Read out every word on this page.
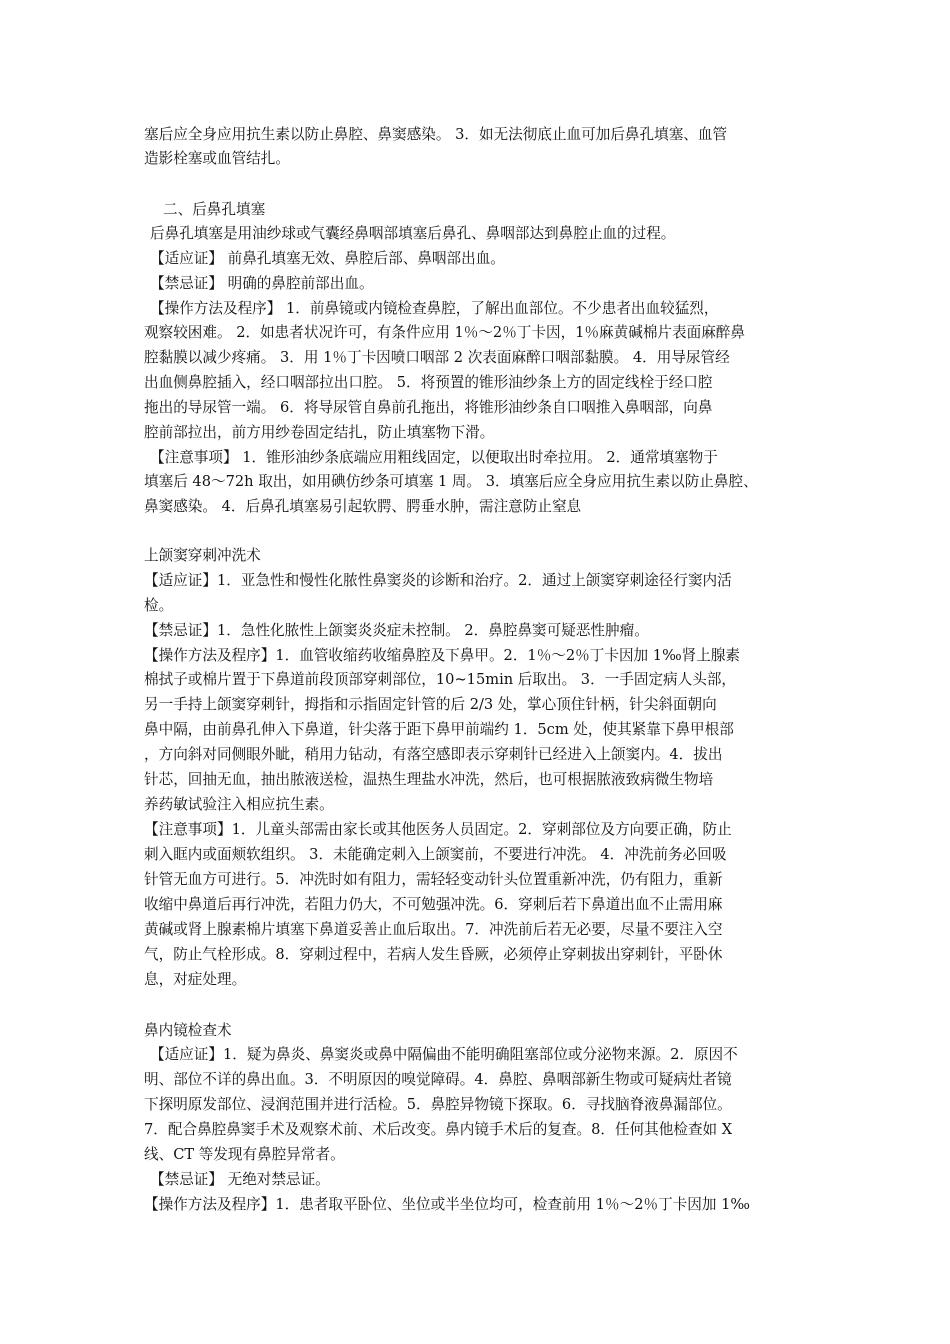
塞后应全身应用抗生素以防止鼻腔、鼻窦感染。 3．如无法彻底止血可加后鼻孔填塞、血管
造影栓塞或血管结扎。
二、后鼻孔填塞
后鼻孔填塞是用油纱球或气囊经鼻咽部填塞后鼻孔、鼻咽部达到鼻腔止血的过程。
【适应证】 前鼻孔填塞无效、鼻腔后部、鼻咽部出血。
【禁忌证】 明确的鼻腔前部出血。
【操作方法及程序】 1．前鼻镜或内镜检查鼻腔，了解出血部位。不少患者出血较猛烈，
观察较困难。 2．如患者状况许可，有条件应用 1％～2％丁卡因，1％麻黄碱棉片表面麻醉鼻
腔黏膜以减少疼痛。 3．用 1％丁卡因喷口咽部 2 次表面麻醉口咽部黏膜。 4．用导尿管经
出血侧鼻腔插入，经口咽部拉出口腔。 5．将预置的锥形油纱条上方的固定线栓于经口腔
拖出的导尿管一端。 6．将导尿管自鼻前孔拖出，将锥形油纱条自口咽推入鼻咽部，向鼻
腔前部拉出，前方用纱卷固定结扎，防止填塞物下滑。
【注意事项】 1．锥形油纱条底端应用粗线固定，以便取出时牵拉用。 2．通常填塞物于
填塞后 48～72h 取出，如用碘仿纱条可填塞 1 周。 3．填塞后应全身应用抗生素以防止鼻腔、
鼻窦感染。 4．后鼻孔填塞易引起软腭、腭垂水肿，需注意防止窒息
上颌窦穿刺冲洗术
【适应证】1．亚急性和慢性化脓性鼻窦炎的诊断和治疗。2．通过上颌窦穿刺途径行窦内活
检。
【禁忌证】1．急性化脓性上颌窦炎炎症未控制。 2．鼻腔鼻窦可疑恶性肿瘤。
【操作方法及程序】1．血管收缩药收缩鼻腔及下鼻甲。2．1％～2％丁卡因加 1‰肾上腺素
棉拭子或棉片置于下鼻道前段顶部穿刺部位，10~15min 后取出。 3．一手固定病人头部，
另一手持上颌窦穿刺针，拇指和示指固定针管的后 2/3 处，掌心顶住针柄，针尖斜面朝向
鼻中隔，由前鼻孔伸入下鼻道，针尖落于距下鼻甲前端约 1．5cm 处，使其紧靠下鼻甲根部
，方向斜对同侧眼外眦，稍用力钻动，有落空感即表示穿刺针已经进入上颌窦内。4．拔出
针芯，回抽无血，抽出脓液送检，温热生理盐水冲洗，然后，也可根据脓液致病微生物培
养药敏试验注入相应抗生素。
【注意事项】1．儿童头部需由家长或其他医务人员固定。2．穿刺部位及方向要正确，防止
刺入眶内或面颊软组织。 3．未能确定刺入上颌窦前，不要进行冲洗。 4．冲洗前务必回吸
针管无血方可进行。5．冲洗时如有阻力，需轻轻变动针头位置重新冲洗，仍有阻力，重新
收缩中鼻道后再行冲洗，若阻力仍大，不可勉强冲洗。6．穿刺后若下鼻道出血不止需用麻
黄碱或肾上腺素棉片填塞下鼻道妥善止血后取出。7．冲洗前后若无必要，尽量不要注入空
气，防止气栓形成。8．穿刺过程中，若病人发生昏厥，必须停止穿刺拔出穿刺针，平卧休
息，对症处理。
鼻内镜检查术
【适应证】1．疑为鼻炎、鼻窦炎或鼻中隔偏曲不能明确阻塞部位或分泌物来源。2．原因不
明、部位不详的鼻出血。3．不明原因的嗅觉障碍。4．鼻腔、鼻咽部新生物或可疑病灶者镜
下探明原发部位、浸润范围并进行活检。5．鼻腔异物镜下探取。6．寻找脑脊液鼻漏部位。
7．配合鼻腔鼻窦手术及观察术前、术后改变。鼻内镜手术后的复查。8．任何其他检查如 X
线、CT 等发现有鼻腔异常者。
【禁忌证】 无绝对禁忌证。
【操作方法及程序】1．患者取平卧位、坐位或半坐位均可，检查前用 1％～2％丁卡因加 1‰
